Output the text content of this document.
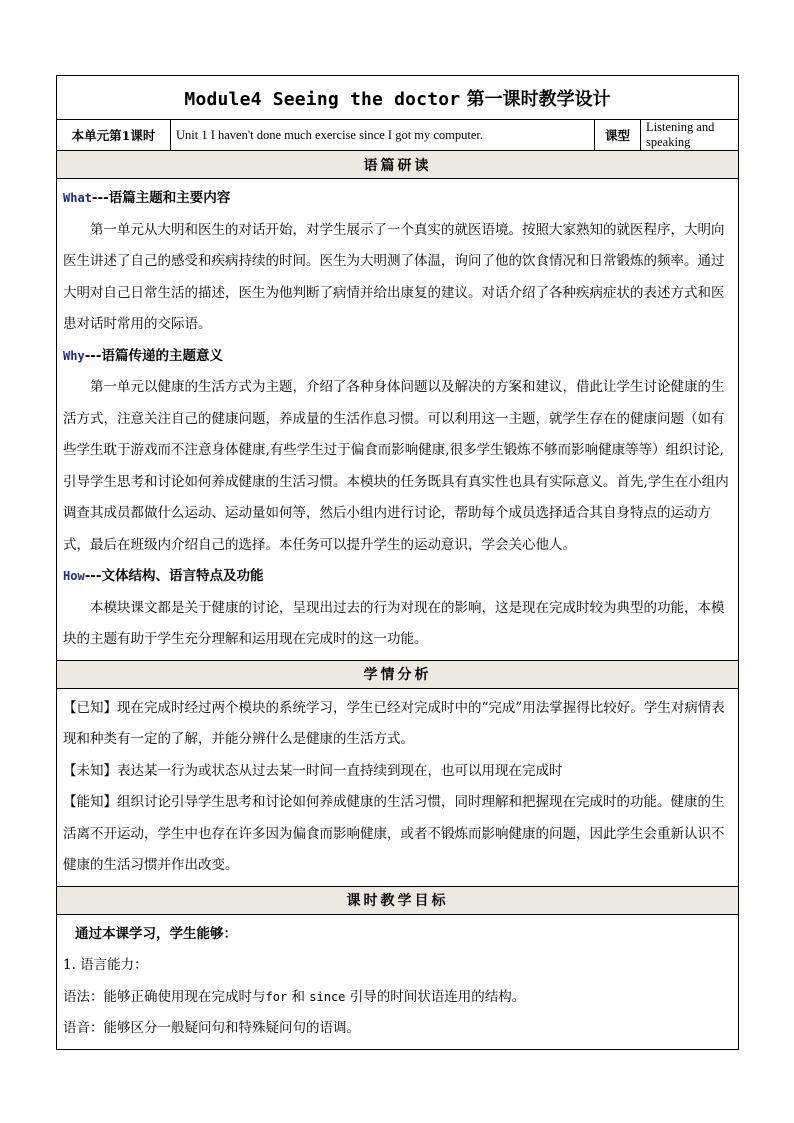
Module4 Seeing the doctor 第一课时教学设计
本单元第1课时	Unit 1 I haven't done much exercise since I got my computer.	课型	Listening and speaking
语篇研读

What---语篇主题和主要内容

第一单元从大明和医生的对话开始，对学生展示了一个真实的就医语境。按照大家熟知的就医程序，大明向医生讲述了自己的感受和疾病持续的时间。医生为大明测了体温，询问了他的饮食情况和日常锻炼的频率。通过大明对自己日常生活的描述，医生为他判断了病情并给出康复的建议。对话介绍了各种疾病症状的表述方式和医患对话时常用的交际语。

Why---语篇传递的主题意义

第一单元以健康的生活方式为主题，介绍了各种身体问题以及解决的方案和建议，借此让学生讨论健康的生活方式，注意关注自己的健康问题，养成量的生活作息习惯。可以利用这一主题，就学生存在的健康问题（如有些学生耽于游戏而不注意身体健康,有些学生过于偏食而影响健康,很多学生锻炼不够而影响健康等等）组织讨论,引导学生思考和讨论如何养成健康的生活习惯。本模块的任务既具有真实性也具有实际意义。首先,学生在小组内调查其成员都做什么运动、运动量如何等，然后小组内进行讨论，帮助每个成员选择适合其自身特点的运动方式，最后在班级内介绍自己的选择。本任务可以提升学生的运动意识，学会关心他人。

How---文体结构、语言特点及功能

本模块课文都是关于健康的讨论，呈现出过去的行为对现在的影响，这是现在完成时较为典型的功能，本模块的主题有助于学生充分理解和运用现在完成时的这一功能。

学情分析

【已知】现在完成时经过两个模块的系统学习，学生已经对完成时中的“完成”用法掌握得比较好。学生对病情表现和种类有一定的了解，并能分辨什么是健康的生活方式。

【未知】表达某一行为或状态从过去某一时间一直持续到现在，也可以用现在完成时

【能知】组织讨论引导学生思考和讨论如何养成健康的生活习惯，同时理解和把握现在完成时的功能。健康的生活离不开运动，学生中也存在许多因为偏食而影响健康，或者不锻炼而影响健康的问题，因此学生会重新认识不健康的生活习惯并作出改变。

课时教学目标

通过本课学习，学生能够：

1. 语言能力：

语法：能够正确使用现在完成时与for 和 since 引导的时间状语连用的结构。

语音：能够区分一般疑问句和特殊疑问句的语调。
